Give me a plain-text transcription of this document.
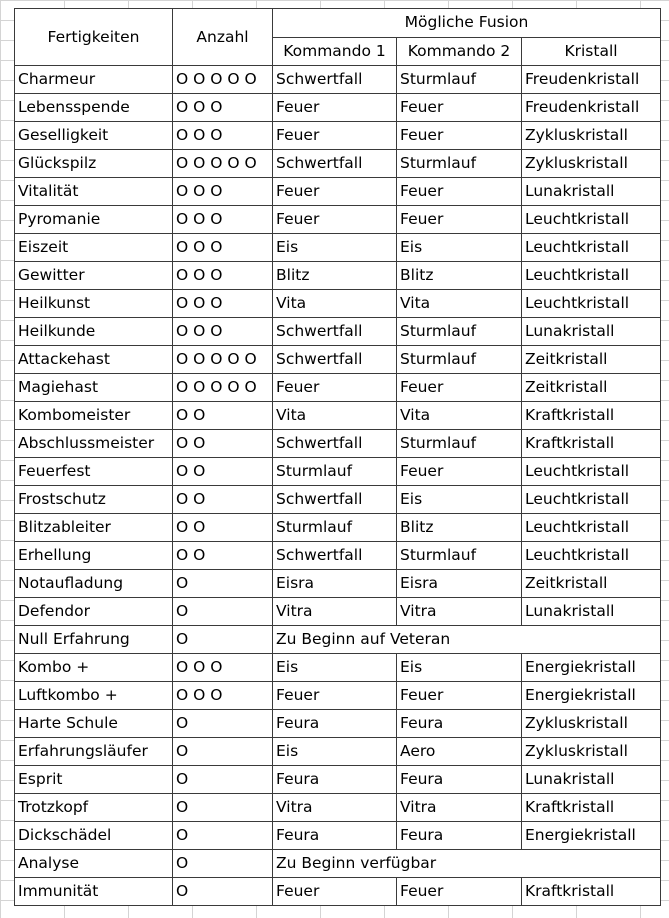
Fertigkeiten	Anzahl	Mögliche Fusion		
		Kommando 1	Kommando 2	Kristall
Charmeur	O O O O O	Schwertfall	Sturmlauf	Freudenkristall
Lebensspende	O O O	Feuer	Feuer	Freudenkristall
Geselligkeit	O O O	Feuer	Feuer	Zykluskristall
Glückspilz	O O O O O	Schwertfall	Sturmlauf	Zykluskristall
Vitalität	O O O	Feuer	Feuer	Lunakristall
Pyromanie	O O O	Feuer	Feuer	Leuchtkristall
Eiszeit	O O O	Eis	Eis	Leuchtkristall
Gewitter	O O O	Blitz	Blitz	Leuchtkristall
Heilkunst	O O O	Vita	Vita	Leuchtkristall
Heilkunde	O O O	Schwertfall	Sturmlauf	Lunakristall
Attackehast	O O O O O	Schwertfall	Sturmlauf	Zeitkristall
Magiehast	O O O O O	Feuer	Feuer	Zeitkristall
Kombomeister	O O	Vita	Vita	Kraftkristall
Abschlussmeister	O O	Schwertfall	Sturmlauf	Kraftkristall
Feuerfest	O O	Sturmlauf	Feuer	Leuchtkristall
Frostschutz	O O	Schwertfall	Eis	Leuchtkristall
Blitzableiter	O O	Sturmlauf	Blitz	Leuchtkristall
Erhellung	O O	Schwertfall	Sturmlauf	Leuchtkristall
Notaufladung	O	Eisra	Eisra	Zeitkristall
Defendor	O	Vitra	Vitra	Lunakristall
Null Erfahrung	O	Zu Beginn auf Veteran		
Kombo +	O O O	Eis	Eis	Energiekristall
Luftkombo +	O O O	Feuer	Feuer	Energiekristall
Harte Schule	O	Feura	Feura	Zykluskristall
Erfahrungsläufer	O	Eis	Aero	Zykluskristall
Esprit	O	Feura	Feura	Lunakristall
Trotzkopf	O	Vitra	Vitra	Kraftkristall
Dickschädel	O	Feura	Feura	Energiekristall
Analyse	O	Zu Beginn verfügbar		
Immunität	O	Feuer	Feuer	Kraftkristall
